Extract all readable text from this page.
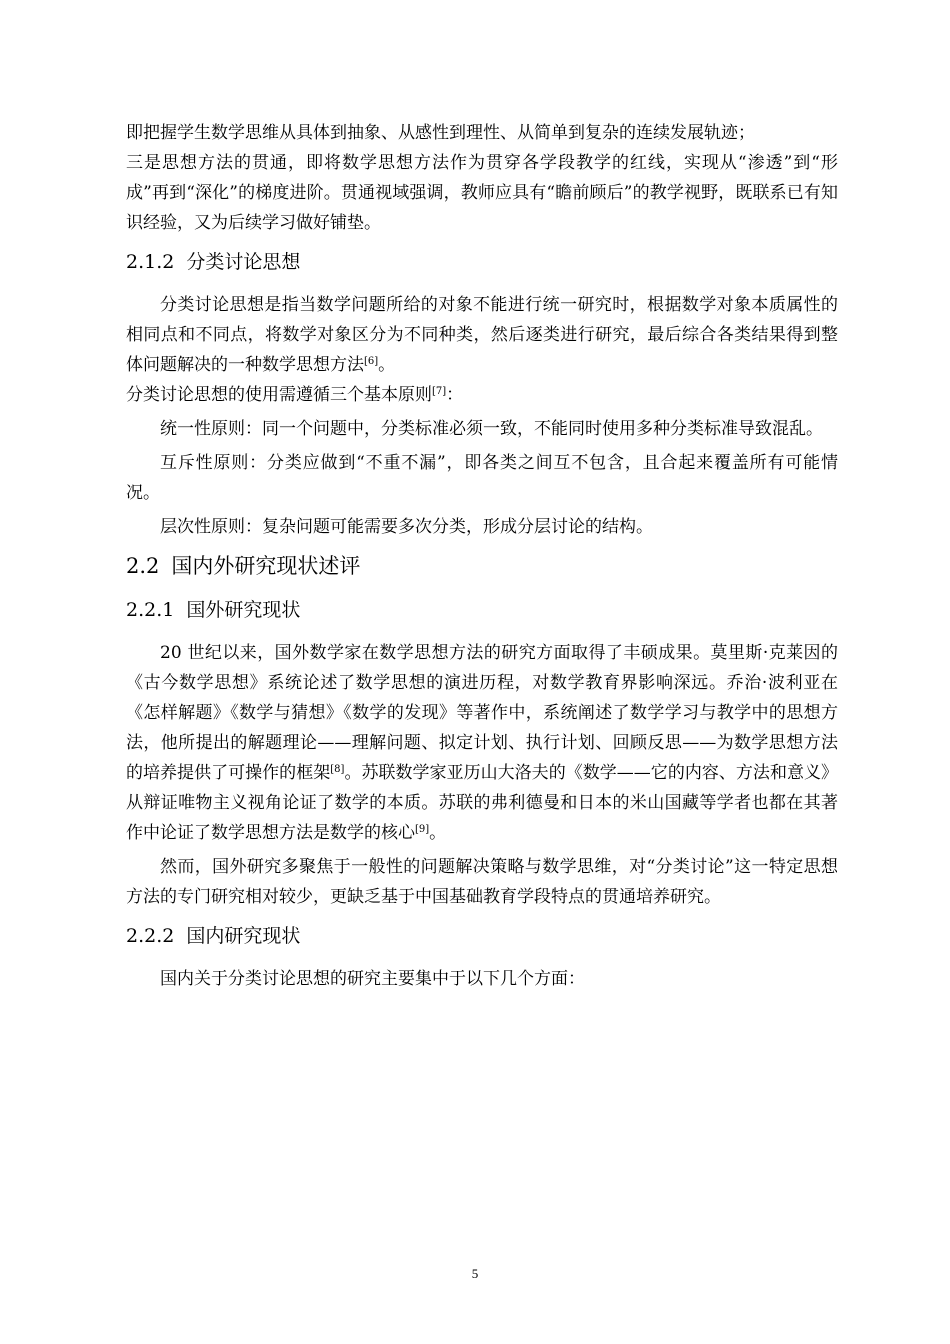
即把握学生数学思维从具体到抽象、从感性到理性、从简单到复杂的连续发展轨迹；

三是思想方法的贯通，即将数学思想方法作为贯穿各学段教学的红线，实现从“渗透”到“形成”再到“深化”的梯度进阶。贯通视域强调，教师应具有“瞻前顾后”的教学视野，既联系已有知识经验，又为后续学习做好铺垫。

2.1.2 分类讨论思想

分类讨论思想是指当数学问题所给的对象不能进行统一研究时，根据数学对象本质属性的相同点和不同点，将数学对象区分为不同种类，然后逐类进行研究，最后综合各类结果得到整体问题解决的一种数学思想方法[6]。

分类讨论思想的使用需遵循三个基本原则[7]：

统一性原则：同一个问题中，分类标准必须一致，不能同时使用多种分类标准导致混乱。

互斥性原则：分类应做到“不重不漏”，即各类之间互不包含，且合起来覆盖所有可能情况。

层次性原则：复杂问题可能需要多次分类，形成分层讨论的结构。

2.2 国内外研究现状述评
2.2.1 国外研究现状

20 世纪以来，国外数学家在数学思想方法的研究方面取得了丰硕成果。莫里斯·克莱因的《古今数学思想》系统论述了数学思想的演进历程，对数学教育界影响深远。乔治·波利亚在《怎样解题》《数学与猜想》《数学的发现》等著作中，系统阐述了数学学习与教学中的思想方法，他所提出的解题理论——理解问题、拟定计划、执行计划、回顾反思——为数学思想方法的培养提供了可操作的框架[8]。苏联数学家亚历山大洛夫的《数学——它的内容、方法和意义》从辩证唯物主义视角论证了数学的本质。苏联的弗利德曼和日本的米山国藏等学者也都在其著作中论证了数学思想方法是数学的核心[9]。

然而，国外研究多聚焦于一般性的问题解决策略与数学思维，对“分类讨论”这一特定思想方法的专门研究相对较少，更缺乏基于中国基础教育学段特点的贯通培养研究。

2.2.2 国内研究现状

国内关于分类讨论思想的研究主要集中于以下几个方面：

5
